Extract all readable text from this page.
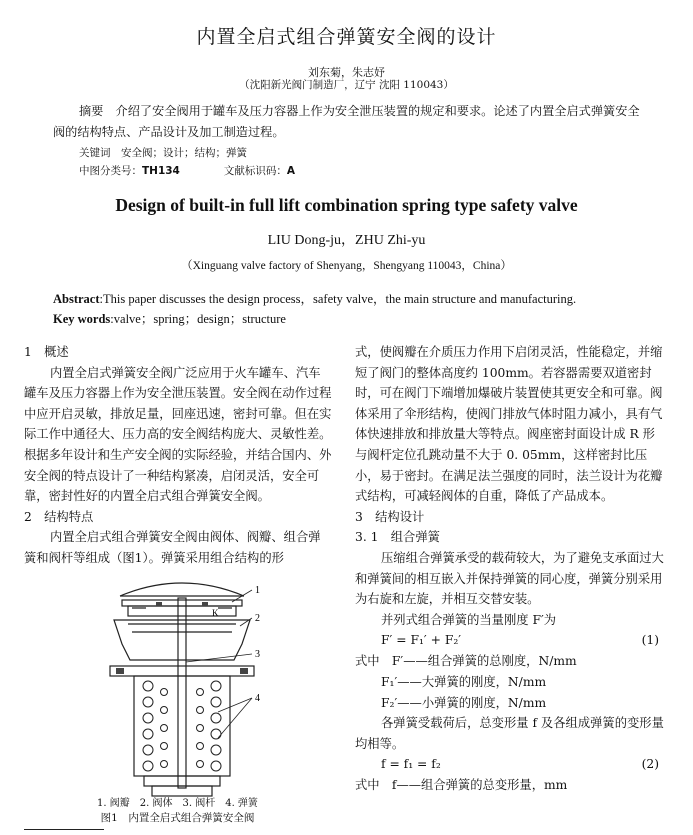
内置全启式组合弹簧安全阀的设计
刘东菊，朱志妤
（沈阳新光阀门制造厂，辽宁 沈阳 110043）
摘要　介绍了安全阀用于罐车及压力容器上作为安全泄压装置的规定和要求。论述了内置全启式弹簧安全阀的结构特点、产品设计及加工制造过程。
关键词　安全阀；设计；结构；弹簧
中图分类号：TH134	文献标识码：A
Design of built-in full lift combination spring type safety valve
LIU Dong-ju，ZHU Zhi-yu
（Xinguang valve factory of Shenyang，Shengyang 110043，China）
Abstract:This paper discusses the design process，safety valve，the main structure and manufacturing.
Key words:valve；spring；design；structure

1　概述

内置全启式弹簧安全阀广泛应用于火车罐车、汽车罐车及压力容器上作为安全泄压装置。安全阀在动作过程中应开启灵敏，排放足量，回座迅速，密封可靠。但在实际工作中通径大、压力高的安全阀结构庞大、灵敏性差。根据多年设计和生产安全阀的实际经验，并结合国内、外安全阀的特点设计了一种结构紧凑，启闭灵活，安全可靠，密封性好的内置全启式组合弹簧安全阀。

2　结构特点

内置全启式组合弹簧安全阀由阀体、阀瓣、组合弹簧和阀杆等组成（图1）。弹簧采用组合结构的形

1
2
3
4
K
1. 阀瓣　2. 阀体　3. 阀杆　4. 弹簧
图1　内置全启式组合弹簧安全阀

式，使阀瓣在介质压力作用下启闭灵活，性能稳定，并缩短了阀门的整体高度约 100mm。若容器需要双道密封时，可在阀门下端增加爆破片装置使其更安全和可靠。阀体采用了伞形结构，使阀门排放气体时阻力减小，具有气体快速排放和排放量大等特点。阀座密封面设计成 R 形与阀杆定位孔跳动量不大于 0. 05mm，这样密封比压小，易于密封。在满足法兰强度的同时，法兰设计为花瓣式结构，可减轻阀体的自重，降低了产品成本。

3　结构设计

3. 1　组合弹簧

压缩组合弹簧承受的载荷较大，为了避免支承面过大和弹簧间的相互嵌入并保持弹簧的同心度，弹簧分别采用为右旋和左旋，并相互交替安装。

并列式组合弹簧的当量刚度 F′为

F′ = F₁′ + F₂′	(1)

式中　F′——组合弹簧的总刚度，N/mm

F₁′——大弹簧的刚度，N/mm

F₂′——小弹簧的刚度，N/mm

各弹簧受载荷后，总变形量 f 及各组成弹簧的变形量均相等。

f = f₁ = f₂	(2)

式中　f——组合弹簧的总变形量，mm
